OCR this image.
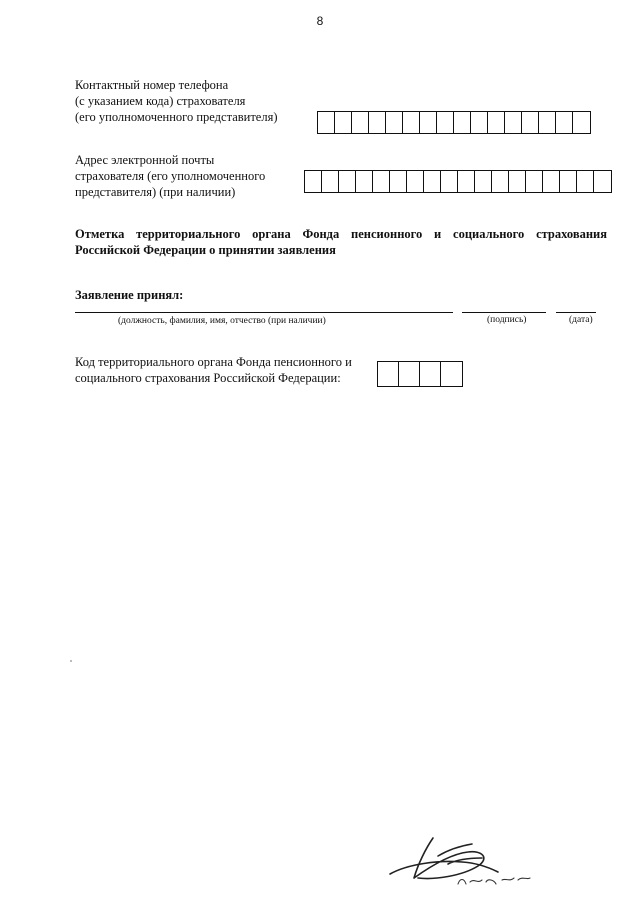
8
Контактный номер телефона
(с указанием кода) страхователя
(его уполномоченного представителя)
Адрес электронной почты
страхователя (его уполномоченного
представителя) (при наличии)
Отметка территориального органа Фонда пенсионного и социального страхования
Российской Федерации о принятии заявления
Заявление принял:
(должность, фамилия, имя, отчество (при наличии)	(подпись)	(дата)
Код территориального органа Фонда пенсионного и
социального страхования Российской Федерации:
